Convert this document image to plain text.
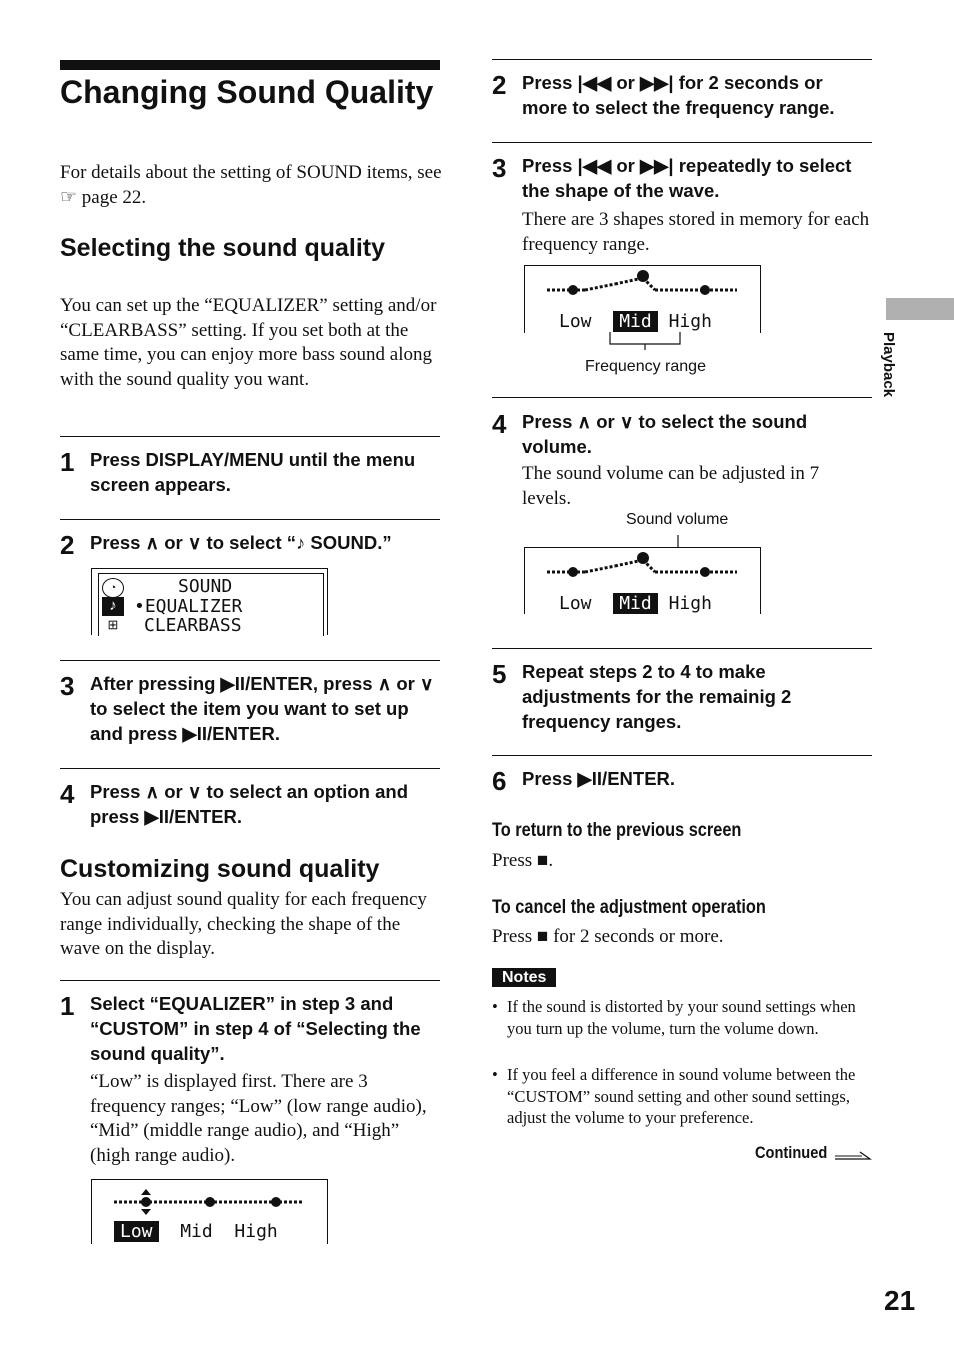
Changing Sound Quality

For details about the setting of SOUND items, see ☞ page 22.

Selecting the sound quality

You can set up the “EQUALIZER” setting and/or “CLEARBASS” setting. If you set both at the same time, you can enjoy more bass sound along with the sound quality you want.

1 Press DISPLAY/MENU until the menu screen appears.
2 Press ∧ or ∨ to select “♪ SOUND.”
◔
♪
⊞
SOUND
•EQUALIZER
CLEARBASS
3 After pressing ▶II/ENTER, press ∧ or ∨ to select the item you want to set up and press ▶II/ENTER.
4 Press ∧ or ∨ to select an option and press ▶II/ENTER.
Customizing sound quality

You can adjust sound quality for each frequency range individually, checking the shape of the wave on the display.

1 Select “EQUALIZER” in step 3 and “CUSTOM” in step 4 of “Selecting the sound quality”.

“Low” is displayed first. There are 3 frequency ranges; “Low” (low range audio), “Mid” (middle range audio), and “High” (high range audio).

Low Mid High
2 Press |◀◀ or ▶▶| for 2 seconds or more to select the frequency range.
3 Press |◀◀ or ▶▶| repeatedly to select the shape of the wave.

There are 3 shapes stored in memory for each frequency range.

Low Mid High
Frequency range
4 Press ∧ or ∨ to select the sound volume.

The sound volume can be adjusted in 7 levels.

Sound volume
Low Mid High
5 Repeat steps 2 to 4 to make adjustments for the remainig 2 frequency ranges.
6 Press ▶II/ENTER.
To return to the previous screen

Press ■.

To cancel the adjustment operation

Press ■ for 2 seconds or more.

Notes
• If the sound is distorted by your sound settings when you turn up the volume, turn the volume down.
• If you feel a difference in sound volume between the “CUSTOM” sound setting and other sound settings, adjust the volume to your preference.
Continued
Playback
21
